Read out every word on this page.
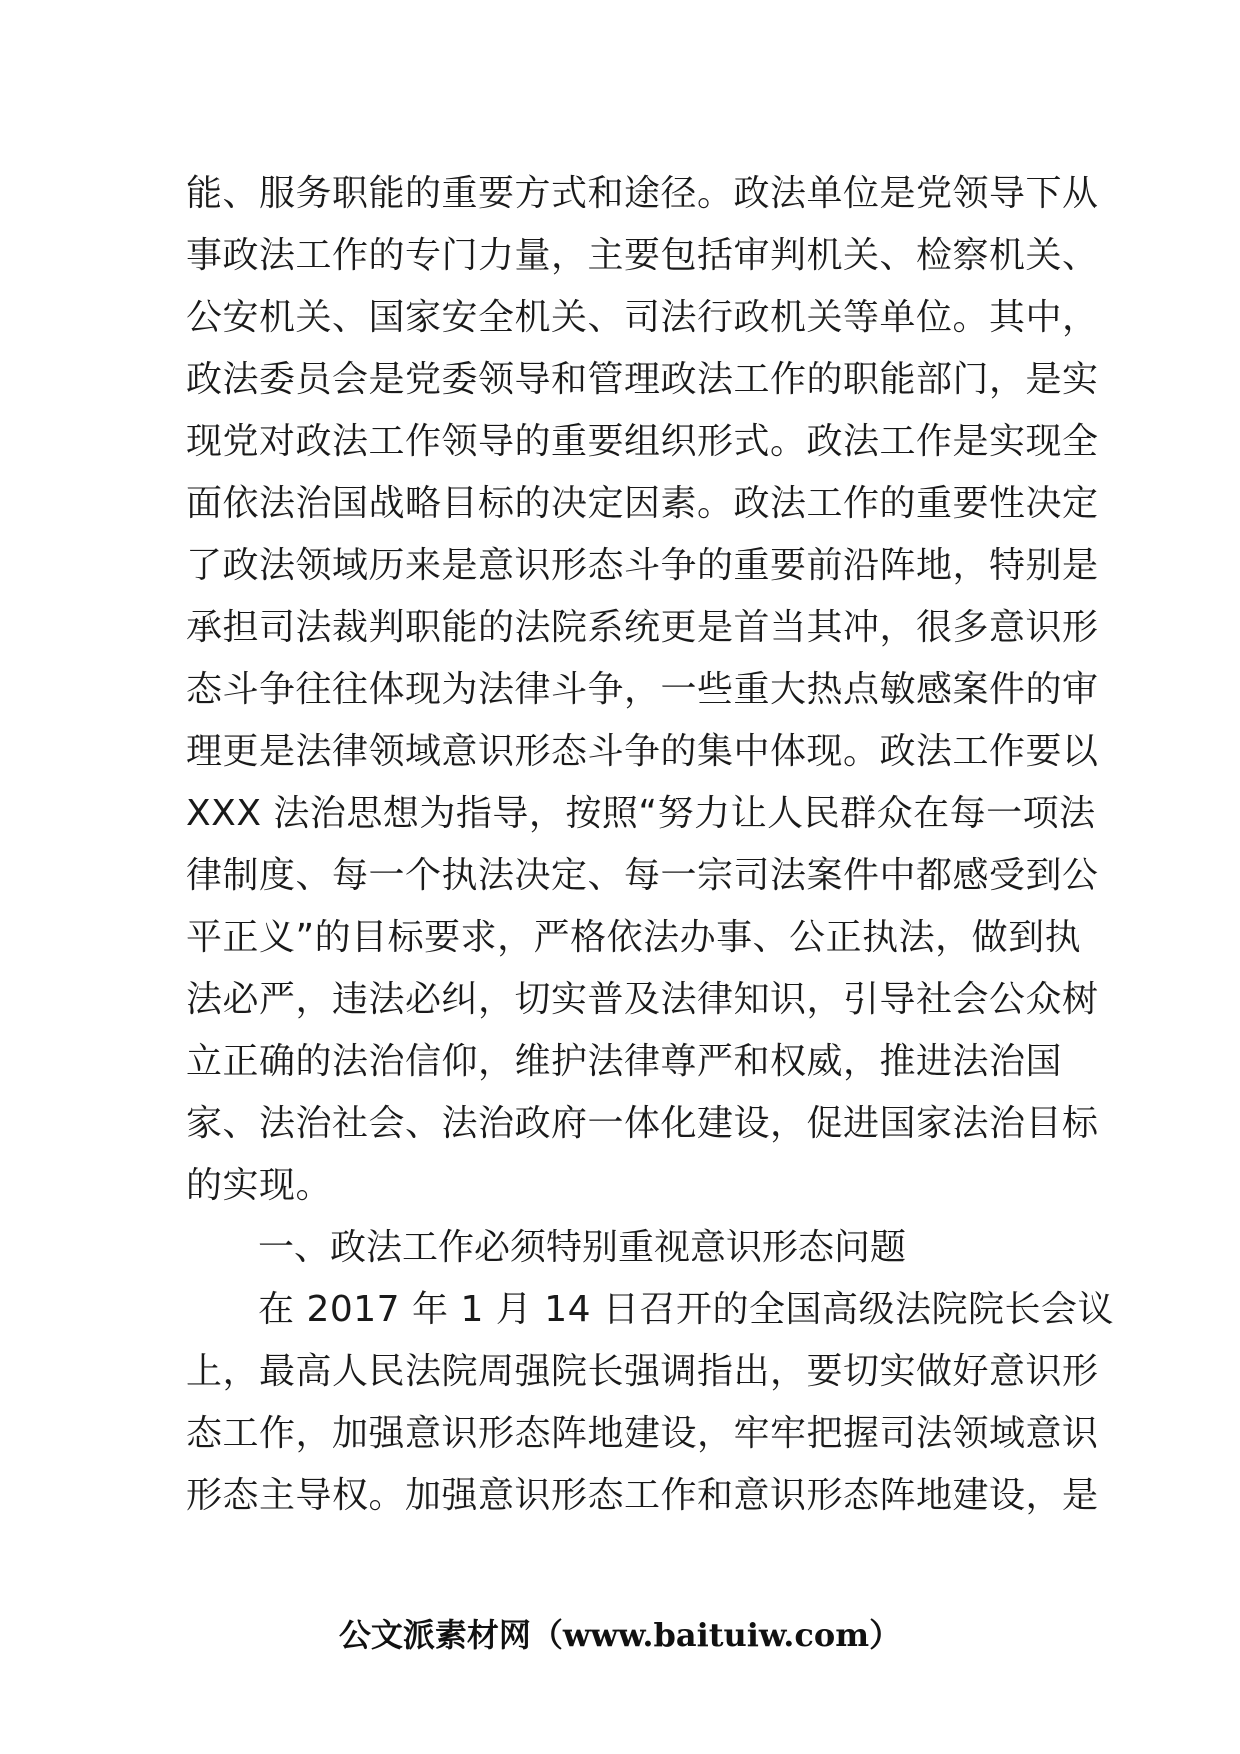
能、服务职能的重要方式和途径。政法单位是党领导下从
事政法工作的专门力量，主要包括审判机关、检察机关、
公安机关、国家安全机关、司法行政机关等单位。其中，
政法委员会是党委领导和管理政法工作的职能部门，是实
现党对政法工作领导的重要组织形式。政法工作是实现全
面依法治国战略目标的决定因素。政法工作的重要性决定
了政法领域历来是意识形态斗争的重要前沿阵地，特别是
承担司法裁判职能的法院系统更是首当其冲，很多意识形
态斗争往往体现为法律斗争，一些重大热点敏感案件的审
理更是法律领域意识形态斗争的集中体现。政法工作要以
XXX 法治思想为指导，按照“努力让人民群众在每一项法
律制度、每一个执法决定、每一宗司法案件中都感受到公
平正义”的目标要求，严格依法办事、公正执法，做到执
法必严，违法必纠，切实普及法律知识，引导社会公众树
立正确的法治信仰，维护法律尊严和权威，推进法治国
家、法治社会、法治政府一体化建设，促进国家法治目标
的实现。
一、政法工作必须特别重视意识形态问题
在 2017 年 1 月 14 日召开的全国高级法院院长会议
上，最高人民法院周强院长强调指出，要切实做好意识形
态工作，加强意识形态阵地建设，牢牢把握司法领域意识
形态主导权。加强意识形态工作和意识形态阵地建设，是
公文派素材网（www.baituiw.com）
